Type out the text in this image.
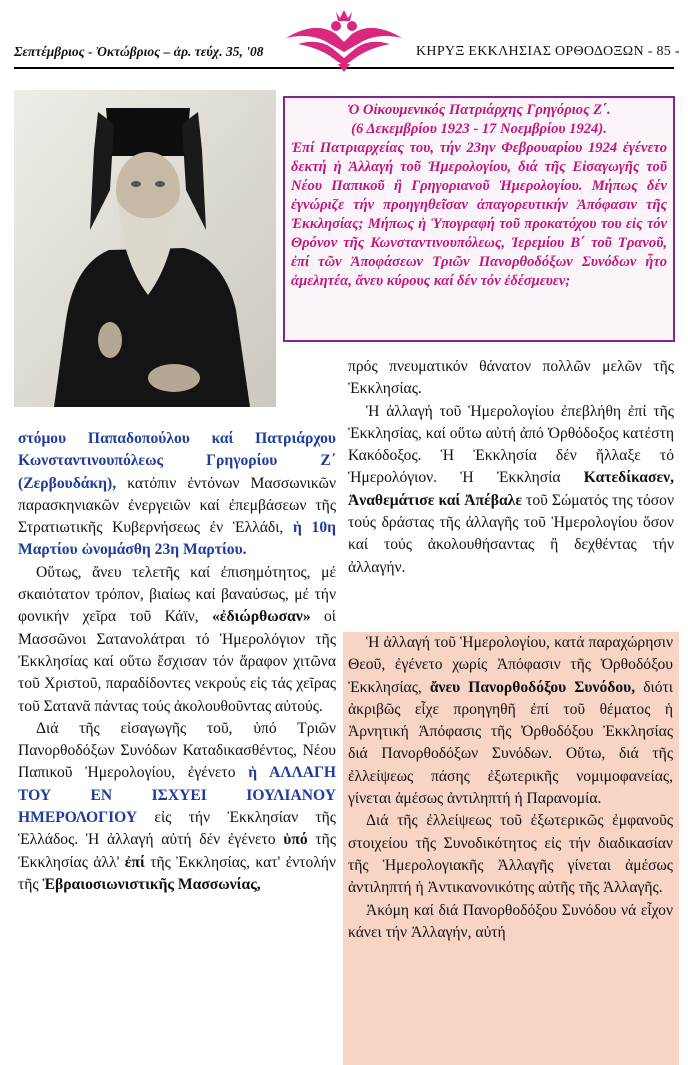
Σεπτέμβριος - Ὀκτώβριος – ἀρ. τεύχ. 35, '08	ΚΗΡΥΞ ΕΚΚΛΗΣΙΑΣ ΟΡΘΟΔΟΞΩΝ - 85 -

Ὁ Οἰκουμενικός Πατριάρχης Γρηγόριος Ζ΄.

(6 Δεκεμβρίου 1923 - 17 Νοεμβρίου 1924).

Ἐπί Πατριαρχείας του, τήν 23ην Φεβρουαρίου 1924 ἐγένετο δεκτή ἡ Ἀλλαγή τοῦ Ἡμερολογίου, διά τῆς Εἰσαγωγῆς τοῦ Νέου Παπικοῦ ἢ Γρηγοριανοῦ Ἡμερολογίου. Μήπως δέν ἐγνώριζε τήν προηγηθεῖσαν ἀπαγορευτικήν Ἀπόφασιν τῆς Ἐκκλησίας; Μήπως ἡ Ὑπογραφή τοῦ προκατόχου του εἰς τόν Θρόνον τῆς Κωνσταντινουπόλεως, Ἱερεμίου Β΄ τοῦ Τρανοῦ, ἐπί τῶν Ἀποφάσεων Τριῶν Πανορθοδόξων Συνόδων ἦτο ἀμελητέα, ἄνευ κύρους καί δέν τόν ἐδέσμευεν;

στόμου Παπαδοπούλου καί Πατριάρχου Κωνσταντινουπόλεως Γρηγορίου Ζ΄ (Ζερβουδάκη), κατόπιν ἐντόνων Μασσωνικῶν παρασκηνιακῶν ἐνεργειῶν καί ἐπεμβάσεων τῆς Στρατιωτικῆς Κυβερνήσεως ἐν Ἑλλάδι, ἡ 10η Μαρτίου ὠνομάσθη 23η Μαρτίου.

Οὕτως, ἄνευ τελετῆς καί ἐπισημότητος, μέ σκαιότατον τρόπον, βιαίως καί βαναύσως, μέ τήν φονικήν χεῖρα τοῦ Κάϊν, «ἐδιώρθωσαν» οἱ Μασσῶνοι Σατανολάτραι τό Ἡμερολόγιον τῆς Ἐκκλησίας καί οὕτω ἔσχισαν τόν ἄραφον χιτῶνα τοῦ Χριστοῦ, παραδίδοντες νεκρούς εἰς τάς χεῖρας τοῦ Σατανᾶ πάντας τούς ἀκολουθοῦντας αὐτούς.

Διά τῆς εἰσαγωγῆς τοῦ, ὑπό Τριῶν Πανορθοδόξων Συνόδων Καταδικασθέντος, Νέου Παπικοῦ Ἡμερολογίου, ἐγένετο ἡ ΑΛΛΑΓΗ ΤΟΥ ΕΝ ΙΣΧΥΕΙ ΙΟΥΛΙΑΝΟΥ ΗΜΕΡΟΛΟΓΙΟΥ εἰς τήν Ἐκκλησίαν τῆς Ἑλλάδος. Ἡ ἀλλαγή αὐτή δέν ἐγένετο ὑπό τῆς Ἐκκλησίας ἀλλ' ἐπί τῆς Ἐκκλησίας, κατ' ἐντολήν τῆς Ἑβραιοσιωνιστικῆς Μασσωνίας,

πρός πνευματικόν θάνατον πολλῶν μελῶν τῆς Ἐκκλησίας.

Ἡ ἀλλαγή τοῦ Ἡμερολογίου ἐπεβλήθη ἐπί τῆς Ἐκκλησίας, καί οὕτω αὐτή ἀπό Ὀρθόδοξος κατέστη Κακόδοξος. Ἡ Ἐκκλησία δέν ἤλλαξε τό Ἡμερολόγιον. Ἡ Ἐκκλησία Κατεδίκασεν, Ἀναθεμάτισε καί Ἀπέβαλε τοῦ Σώματός της τόσον τούς δράστας τῆς ἀλλαγῆς τοῦ Ἡμερολογίου ὅσον καί τούς ἀκολουθήσαντας ἢ δεχθέντας τήν ἀλλαγήν.

Ἡ ἀλλαγή τοῦ Ἡμερολογίου, κατά παραχώρησιν Θεοῦ, ἐγένετο χωρίς Ἀπόφασιν τῆς Ὀρθοδόξου Ἐκκλησίας, ἄνευ Πανορθοδόξου Συνόδου, διότι ἀκριβῶς εἶχε προηγηθῆ ἐπί τοῦ θέματος ἡ Ἀρνητική Ἀπόφασις τῆς Ὀρθοδόξου Ἐκκλησίας διά Πανορθοδόξων Συνόδων. Οὕτω, διά τῆς ἐλλείψεως πάσης ἐξωτερικῆς νομιμοφανείας, γίνεται ἀμέσως ἀντιληπτή ἡ Παρανομία.

Διά τῆς ἐλλείψεως τοῦ ἐξωτερικῶς ἐμφανοῦς στοιχείου τῆς Συνοδικότητος εἰς τήν διαδικασίαν τῆς Ἡμερολογιακῆς Ἀλλαγῆς γίνεται ἀμέσως ἀντιληπτή ἡ Ἀντικανονικότης αὐτῆς τῆς Ἀλλαγῆς.

Ἀκόμη καί διά Πανορθοδόξου Συνόδου νά εἶχον κάνει τήν Ἀλλαγήν, αὐτή
